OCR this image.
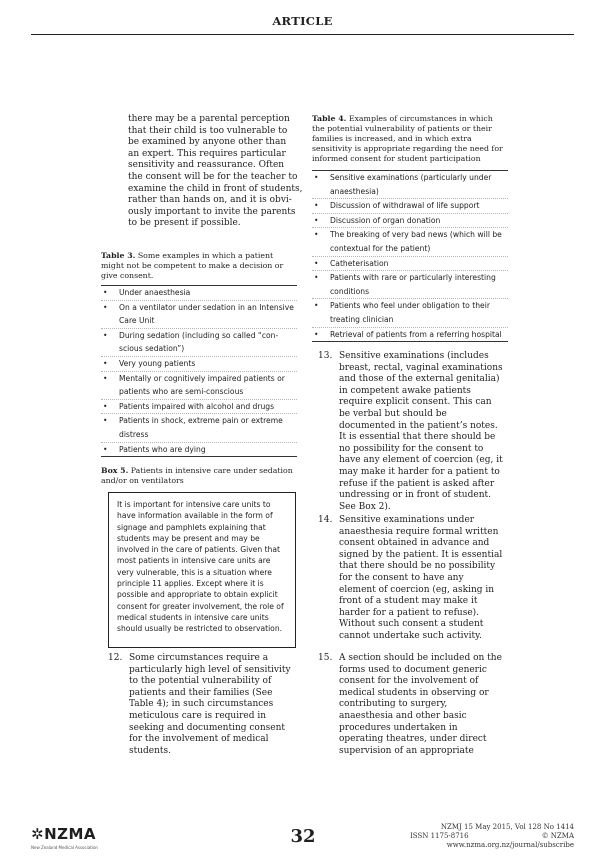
ARTICLE
there may be a parental perception
that their child is too vulnerable to
be examined by anyone other than
an expert. This requires particular
sensitivity and reassurance. Often
the consent will be for the teacher to
examine the child in front of students,
rather than hands on, and it is obvi-
ously important to invite the parents
to be present if possible.
Table 3. Some examples in which a patient might not be competent to make a decision or give consent.
• Under anaesthesia
• On a ventilator under sedation in an Intensive Care Unit
• During sedation (including so called “con-scious sedation”)
• Very young patients
• Mentally or cognitively impaired patients or patients who are semi-conscious
• Patients impaired with alcohol and drugs
• Patients in shock, extreme pain or extreme distress
• Patients who are dying
Box 5. Patients in intensive care under sedation and/or on ventilators
It is important for intensive care units to have information available in the form of signage and pamphlets explaining that students may be present and may be involved in the care of patients. Given that most patients in intensive care units are very vulnerable, this is a situation where principle 11 applies. Except where it is possible and appropriate to obtain explicit consent for greater involvement, the role of medical students in intensive care units should usually be restricted to observation.
12. Some circumstances require a particularly high level of sensitivity to the potential vulnerability of patients and their families (See Table 4); in such circumstances meticulous care is required in seeking and documenting consent for the involvement of medical students.
Table 4. Examples of circumstances in which the potential vulnerability of patients or their families is increased, and in which extra sensitivity is appropriate regarding the need for informed consent for student participation
• Sensitive examinations (particularly under anaesthesia)
• Discussion of withdrawal of life support
• Discussion of organ donation
• The breaking of very bad news (which will be contextual for the patient)
• Catheterisation
• Patients with rare or particularly interesting conditions
• Patients who feel under obligation to their treating clinician
• Retrieval of patients from a referring hospital
13. Sensitive examinations (includes breast, rectal, vaginal examinations and those of the external genitalia) in competent awake patients require explicit consent. This can be verbal but should be documented in the patient’s notes. It is essential that there should be no possibility for the consent to have any element of coercion (eg, it may make it harder for a patient to refuse if the patient is asked after undressing or in front of student. See Box 2).
14. Sensitive examinations under anaesthesia require formal written consent obtained in advance and signed by the patient. It is essential that there should be no possibility for the consent to have any element of coercion (eg, asking in front of a student may make it harder for a patient to refuse). Without such consent a student cannot undertake such activity.
15. A section should be included on the forms used to document generic consent for the involvement of medical students in observing or contributing to surgery, anaesthesia and other basic procedures undertaken in operating theatres, under direct supervision of an appropriate
✲NZMA
New Zealand Medical Association
32	NZMJ 15 May 2015, Vol 128 No 1414
ISSN 1175-8716	© NZMA
www.nzma.org.nz/journal/subscribe
